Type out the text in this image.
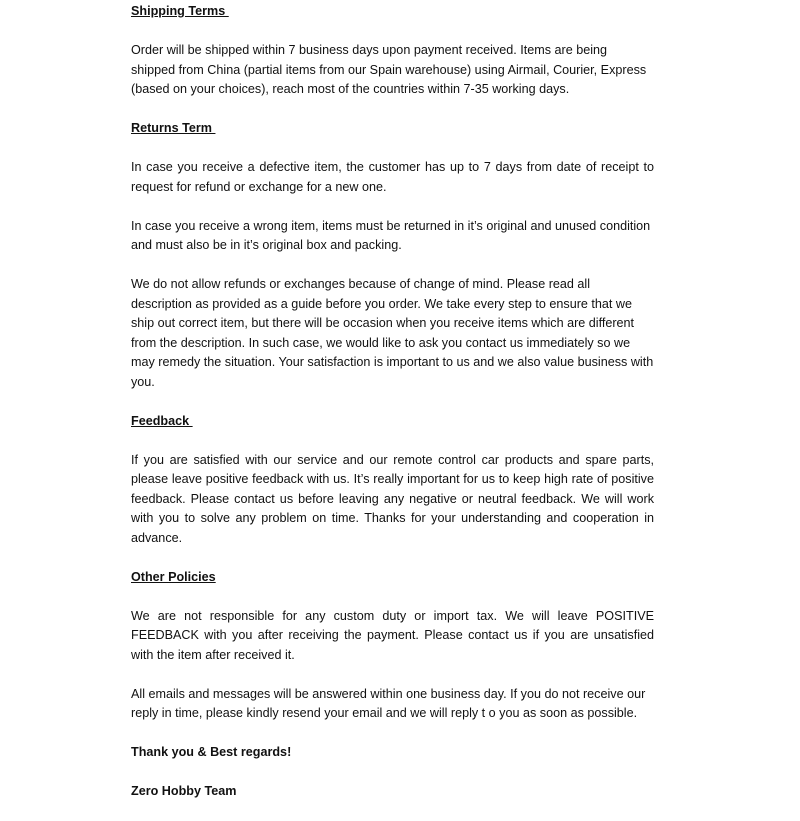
Shipping Terms
Order will be shipped within 7 business days upon payment received. Items are being shipped from China (partial items from our Spain warehouse) using Airmail, Courier, Express (based on your choices), reach most of the countries within 7-35 working days.
Returns Term
In case you receive a defective item, the customer has up to 7 days from date of receipt to request for refund or exchange for a new one.
In case you receive a wrong item, items must be returned in it’s original and unused condition and must also be in it’s original box and packing.
We do not allow refunds or exchanges because of change of mind. Please read all description as provided as a guide before you order. We take every step to ensure that we ship out correct item, but there will be occasion when you receive items which are different from the description. In such case, we would like to ask you contact us immediately so we may remedy the situation. Your satisfaction is important to us and we also value business with you.
Feedback
If you are satisfied with our service and our remote control car products and spare parts, please leave positive feedback with us. It’s really important for us to keep high rate of positive feedback. Please contact us before leaving any negative or neutral feedback. We will work with you to solve any problem on time. Thanks for your understanding and cooperation in advance.
Other Policies
We are not responsible for any custom duty or import tax. We will leave POSITIVE FEEDBACK with you after receiving the payment. Please contact us if you are unsatisfied with the item after received it.
All emails and messages will be answered within one business day. If you do not receive our reply in time, please kindly resend your email and we will reply t o you as soon as possible.
Thank you & Best regards!
Zero Hobby Team
